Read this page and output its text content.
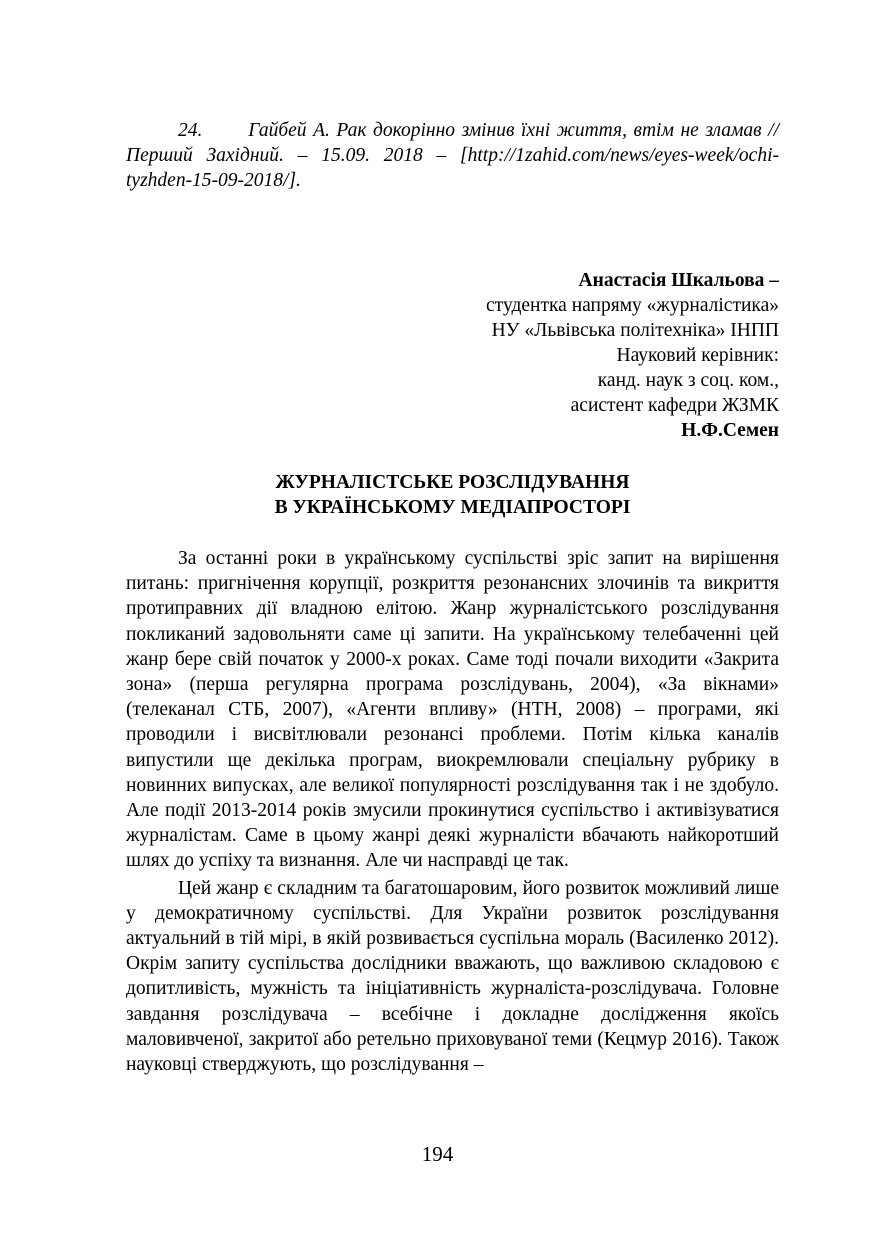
24.       Гайбей А. Рак докорінно змінив їхні життя, втім не зламав //Перший Західний. – 15.09. 2018 – [http://1zahid.com/news/eyes-week/ochi-tyzhden-15-09-2018/].
Анастасія Шкальова –
студентка напряму «журналістика»
НУ «Львівська політехніка» ІНПП
Науковий керівник:
канд. наук з соц. ком.,
асистент кафедри ЖЗМК
Н.Ф.Семен
ЖУРНАЛІСТСЬКЕ РОЗСЛІДУВАННЯ
В УКРАЇНСЬКОМУ МЕДІАПРОСТОРІ

За останні роки в українському суспільстві зріс запит на вирішення питань: пригнічення корупції, розкриття резонансних злочинів та викриття протиправних дії владною елітою. Жанр журналістського розслідування покликаний задовольняти саме ці запити. На українському телебаченні цей жанр бере свій початок у 2000-х роках. Саме тоді почали виходити «Закрита зона» (перша регулярна програма розслідувань, 2004), «За вікнами» (телеканал СТБ, 2007), «Агенти впливу» (НТН, 2008) – програми, які проводили і висвітлювали резонансі проблеми. Потім кілька каналів випустили ще декілька програм, виокремлювали спеціальну рубрику в новинних випусках, але великої популярності розслідування так і не здобуло. Але події 2013-2014 років змусили прокинутися суспільство і активізуватися журналістам. Саме в цьому жанрі деякі журналісти вбачають найкоротший шлях до успіху та визнання. Але чи насправді це так.

Цей жанр є складним та багатошаровим, його розвиток можливий лише у демократичному суспільстві. Для України розвиток розслідування актуальний в тій мірі, в якій розвивається суспільна мораль (Василенко 2012). Окрім запиту суспільства дослідники вважають, що важливою складовою є допитливість, мужність та ініціативність журналіста-розслідувача. Головне завдання розслідувача – всебічне і докладне дослідження якоїсь маловивченої, закритої або ретельно приховуваної теми (Кецмур 2016). Також науковці стверджують, що розслідування –

194
